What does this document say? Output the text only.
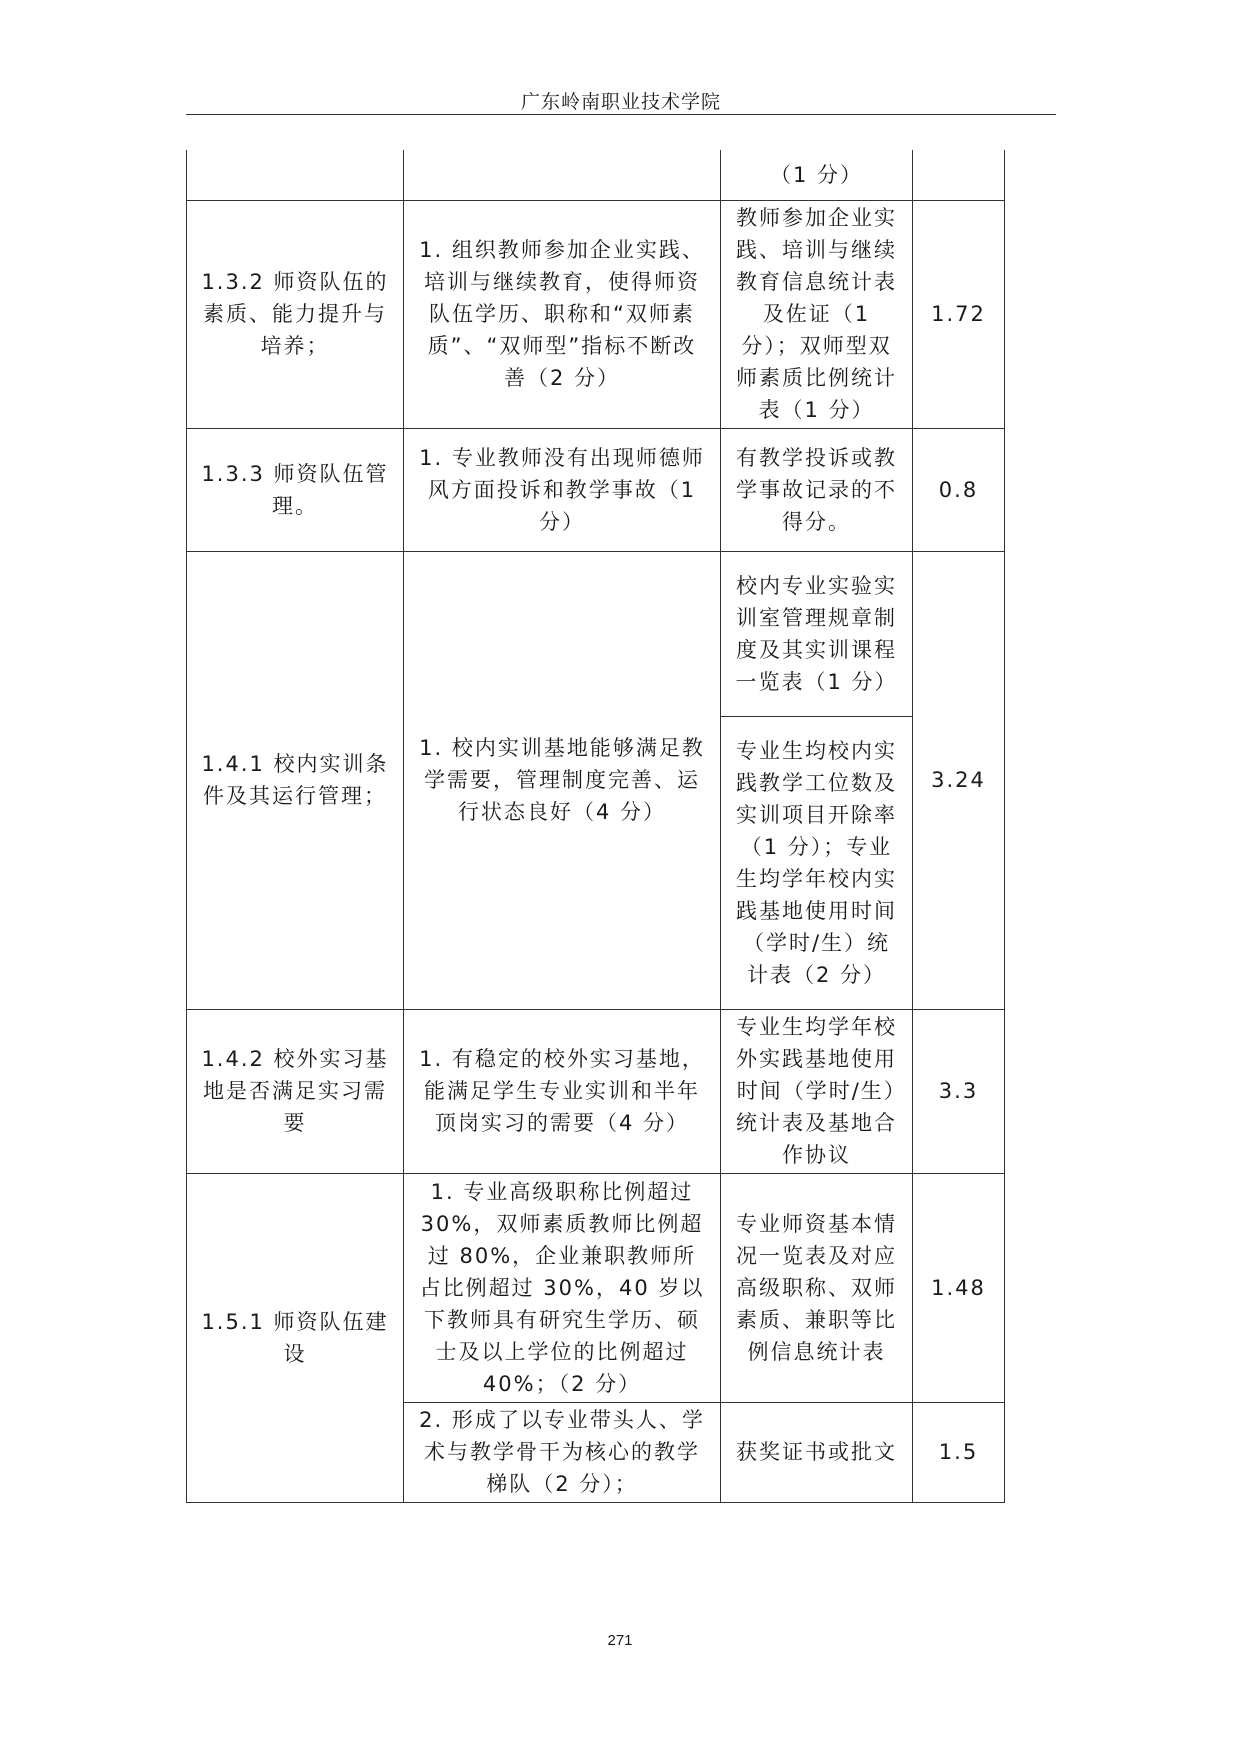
广东岭南职业技术学院
		（1 分）	
1.3.2 师资队伍的素质、能力提升与培养；	1. 组织教师参加企业实践、培训与继续教育，使得师资队伍学历、职称和“双师素质”、“双师型”指标不断改善（2 分）	教师参加企业实践、培训与继续教育信息统计表及佐证（1 分）；双师型双师素质比例统计表（1 分）	1.72
1.3.3 师资队伍管理。	1. 专业教师没有出现师德师风方面投诉和教学事故（1 分）	有教学投诉或教学事故记录的不得分。	0.8
1.4.1 校内实训条件及其运行管理；	1. 校内实训基地能够满足教学需要，管理制度完善、运行状态良好（4 分）	校内专业实验实训室管理规章制度及其实训课程一览表（1 分）	3.24
		专业生均校内实践教学工位数及实训项目开除率（1 分）；专业生均学年校内实践基地使用时间（学时/生）统计表（2 分）	
1.4.2 校外实习基地是否满足实习需要	1. 有稳定的校外实习基地，能满足学生专业实训和半年顶岗实习的需要（4 分）	专业生均学年校外实践基地使用时间（学时/生）统计表及基地合作协议	3.3
1.5.1 师资队伍建设	1. 专业高级职称比例超过 30%，双师素质教师比例超过 80%，企业兼职教师所占比例超过 30%，40 岁以下教师具有研究生学历、硕士及以上学位的比例超过 40%；（2 分）	专业师资基本情况一览表及对应高级职称、双师素质、兼职等比例信息统计表	1.48
	2. 形成了以专业带头人、学术与教学骨干为核心的教学梯队（2 分）；	获奖证书或批文	1.5
271
